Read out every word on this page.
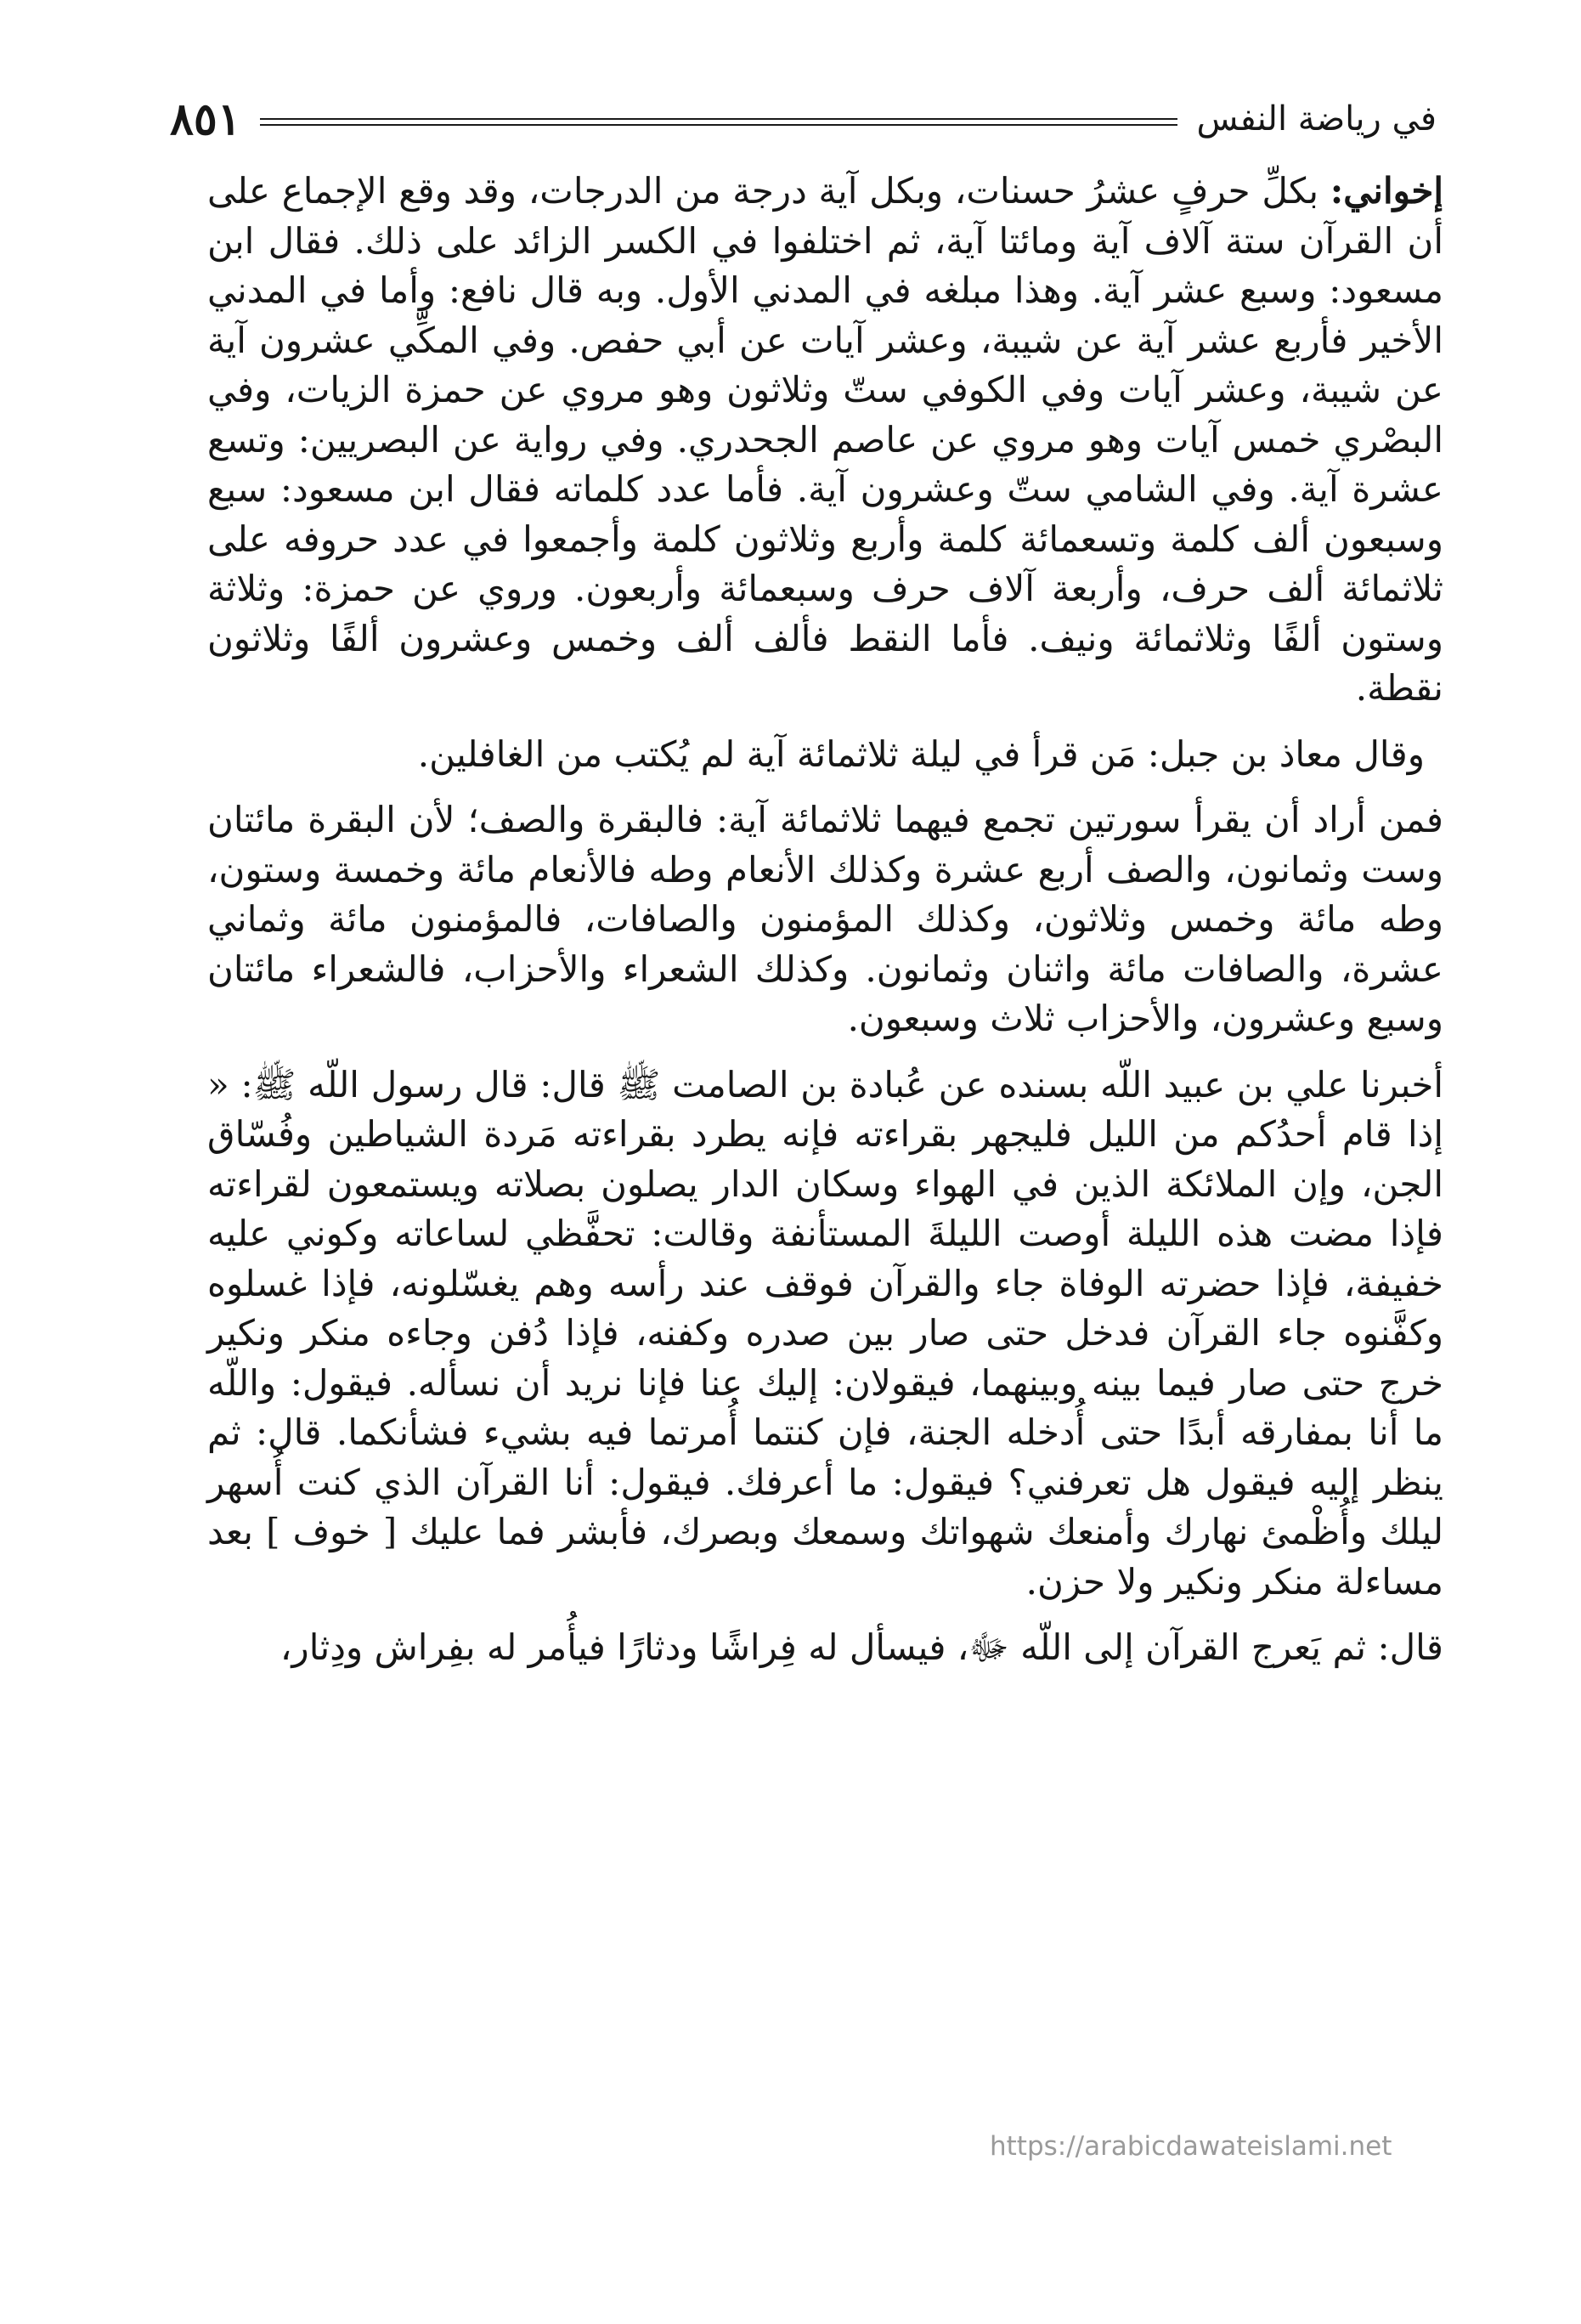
في رياضة النفس
٨٥١

إخواني: بكلِّ حرفٍ عشرُ حسنات، وبكل آية درجة من الدرجات، وقد وقع الإجماع على أن القرآن ستة آلاف آية ومائتا آية، ثم اختلفوا في الكسر الزائد على ذلك. فقال ابن مسعود: وسبع عشر آية. وهذا مبلغه في المدني الأول. وبه قال نافع: وأما في المدني الأخير فأربع عشر آية عن شيبة، وعشر آيات عن أبي حفص. وفي المكِّي عشرون آية عن شيبة، وعشر آيات وفي الكوفي ستّ وثلاثون وهو مروي عن حمزة الزيات، وفي البصْري خمس آيات وهو مروي عن عاصم الجحدري. وفي رواية عن البصريين: وتسع عشرة آية. وفي الشامي ستّ وعشرون آية. فأما عدد كلماته فقال ابن مسعود: سبع وسبعون ألف كلمة وتسعمائة كلمة وأربع وثلاثون كلمة وأجمعوا في عدد حروفه على ثلاثمائة ألف حرف، وأربعة آلاف حرف وسبعمائة وأربعون. وروي عن حمزة: وثلاثة وستون ألفًا وثلاثمائة ونيف. فأما النقط فألف ألف وخمس وعشرون ألفًا وثلاثون نقطة.

وقال معاذ بن جبل: مَن قرأ في ليلة ثلاثمائة آية لم يُكتب من الغافلين.

فمن أراد أن يقرأ سورتين تجمع فيهما ثلاثمائة آية: فالبقرة والصف؛ لأن البقرة مائتان وست وثمانون، والصف أربع عشرة وكذلك الأنعام وطه فالأنعام مائة وخمسة وستون، وطه مائة وخمس وثلاثون، وكذلك المؤمنون والصافات، فالمؤمنون مائة وثماني عشرة، والصافات مائة واثنان وثمانون. وكذلك الشعراء والأحزاب، فالشعراء مائتان وسبع وعشرون، والأحزاب ثلاث وسبعون.

أخبرنا علي بن عبيد اللّه بسنده عن عُبادة بن الصامت ﷺ قال: قال رسول اللّه ﷺ: « إذا قام أحدُكم من الليل فليجهر بقراءته فإنه يطرد بقراءته مَردة الشياطين وفُسّاق الجن، وإن الملائكة الذين في الهواء وسكان الدار يصلون بصلاته ويستمعون لقراءته فإذا مضت هذه الليلة أوصت الليلةَ المستأنفة وقالت: تحفَّظي لساعاته وكوني عليه خفيفة، فإذا حضرته الوفاة جاء والقرآن فوقف عند رأسه وهم يغسّلونه، فإذا غسلوه وكفَّنوه جاء القرآن فدخل حتى صار بين صدره وكفنه، فإذا دُفن وجاءه منكر ونكير خرج حتى صار فيما بينه وبينهما، فيقولان: إليك عنا فإنا نريد أن نسأله. فيقول: واللّه ما أنا بمفارقه أبدًا حتى أُدخله الجنة، فإن كنتما أُمرتما فيه بشيء فشأنكما. قال: ثم ينظر إليه فيقول هل تعرفني؟ فيقول: ما أعرفك. فيقول: أنا القرآن الذي كنت أُسهر ليلك وأُظْمئ نهارك وأمنعك شهواتك وسمعك وبصرك، فأبشر فما عليك [ خوف ] بعد مساءلة منكر ونكير ولا حزن.

قال: ثم يَعرج القرآن إلى اللّه ﷻ، فيسأل له فِراشًا ودثارًا فيأُمر له بفِراش ودِثار،

https://arabicdawateislami.net
